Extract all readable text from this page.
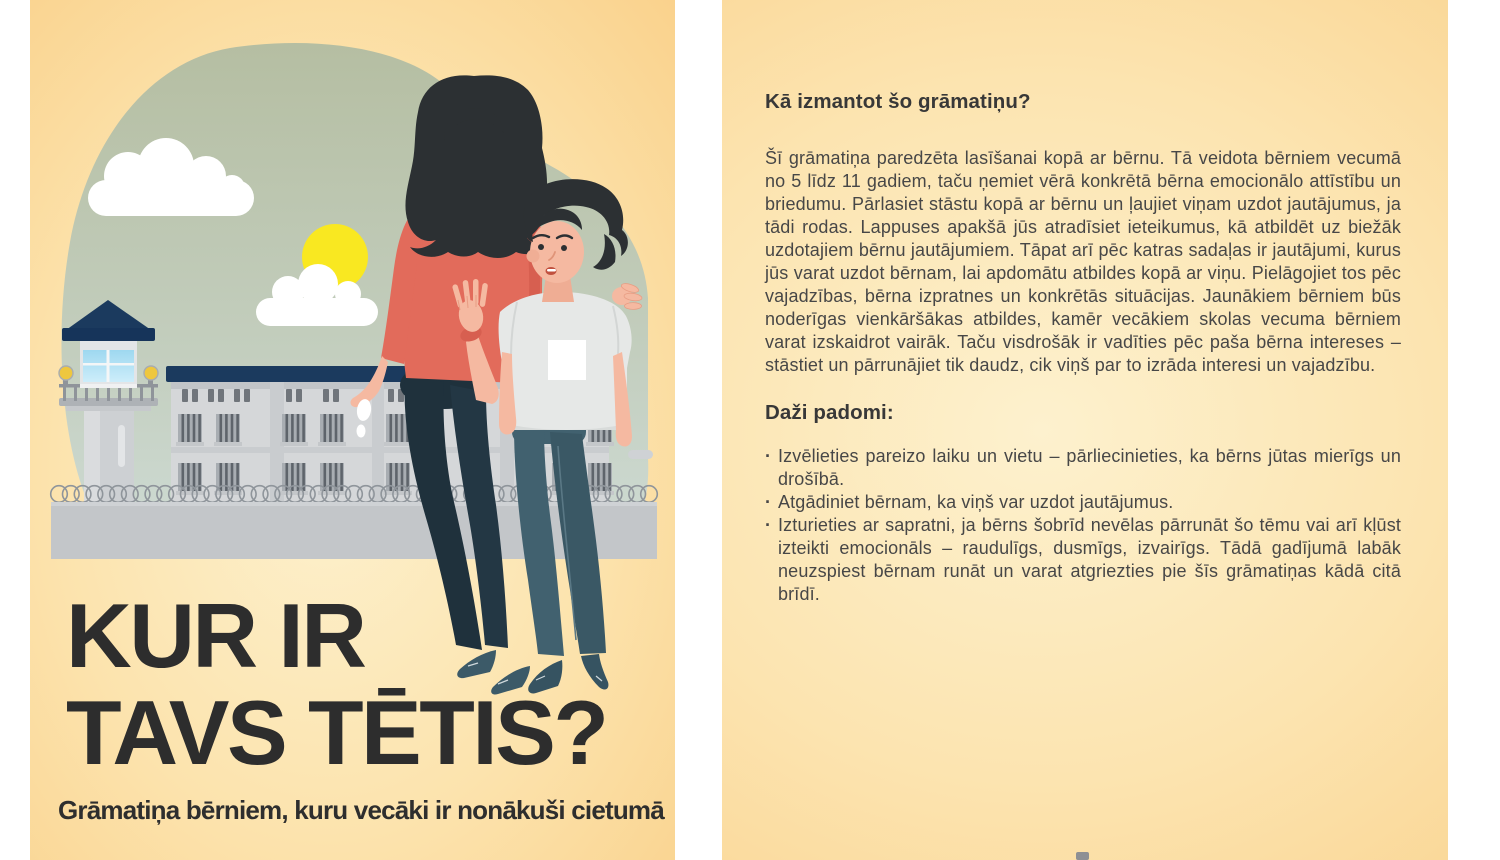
KUR IR
TAVS TĒTIS?
Grāmatiņa bērniem, kuru vecāki ir nonākuši cietumā
Kā izmantot šo grāmatiņu?

Šī grāmatiņa paredzēta lasīšanai kopā ar bērnu. Tā veidota bērniem vecumā no 5 līdz 11 gadiem, taču ņemiet vērā konkrētā bērna emocionālo attīstību un briedumu. Pārlasiet stāstu kopā ar bērnu un ļaujiet viņam uzdot jautājumus, ja tādi rodas. Lappuses apakšā jūs atradīsiet ieteikumus, kā atbildēt uz biežāk uzdotajiem bērnu jautājumiem. Tāpat arī pēc katras sadaļas ir jautājumi, kurus jūs varat uzdot bērnam, lai apdomātu atbildes kopā ar viņu. Pielāgojiet tos pēc vajadzības, bērna izpratnes un konkrētās situācijas. Jaunākiem bērniem būs noderīgas vienkāršākas atbildes, kamēr vecākiem skolas vecuma bērniem varat izskaidrot vairāk. Taču visdrošāk ir vadīties pēc paša bērna intereses – stāstiet un pārrunājiet tik daudz, cik viņš par to izrāda interesi un vajadzību.

Daži padomi:
· Izvēlieties pareizo laiku un vietu – pārliecinieties, ka bērns jūtas mierīgs un drošībā.
· Atgādiniet bērnam, ka viņš var uzdot jautājumus.
· Izturieties ar sapratni, ja bērns šobrīd nevēlas pārrunāt šo tēmu vai arī kļūst izteikti emocionāls – raudulīgs, dusmīgs, izvairīgs. Tādā gadījumā labāk neuzspiest bērnam runāt un varat atgriezties pie šīs grāmatiņas kādā citā brīdī.
